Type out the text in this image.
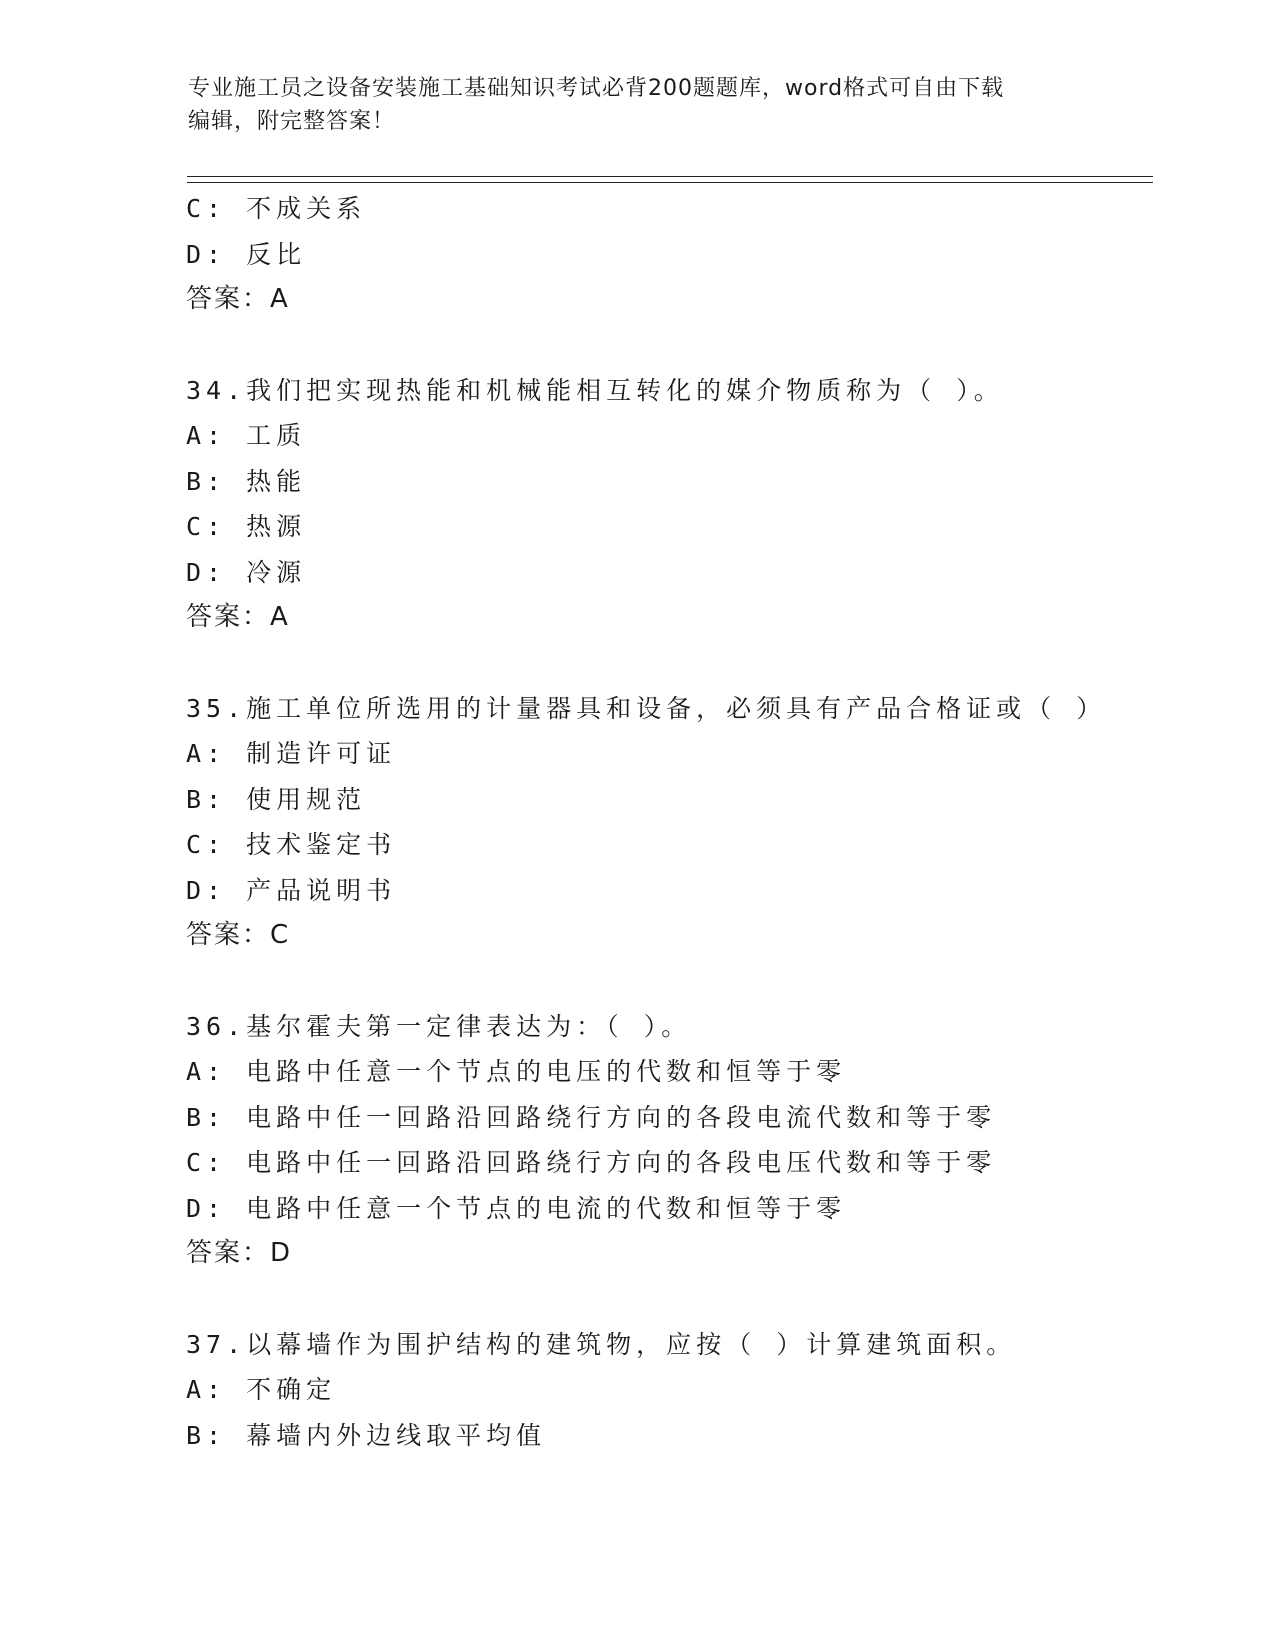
专业施工员之设备安装施工基础知识考试必背200题题库，word格式可自由下载
编辑，附完整答案！
C: 不成关系
D: 反比
答案：A
34.我们把实现热能和机械能相互转化的媒介物质称为（ ）。
A: 工质
B: 热能
C: 热源
D: 冷源
答案：A
35.施工单位所选用的计量器具和设备，必须具有产品合格证或（ ）
A: 制造许可证
B: 使用规范
C: 技术鉴定书
D: 产品说明书
答案：C
36.基尔霍夫第一定律表达为：（ ）。
A: 电路中任意一个节点的电压的代数和恒等于零
B: 电路中任一回路沿回路绕行方向的各段电流代数和等于零
C: 电路中任一回路沿回路绕行方向的各段电压代数和等于零
D: 电路中任意一个节点的电流的代数和恒等于零
答案：D
37.以幕墙作为围护结构的建筑物，应按（ ）计算建筑面积。
A: 不确定
B: 幕墙内外边线取平均值
